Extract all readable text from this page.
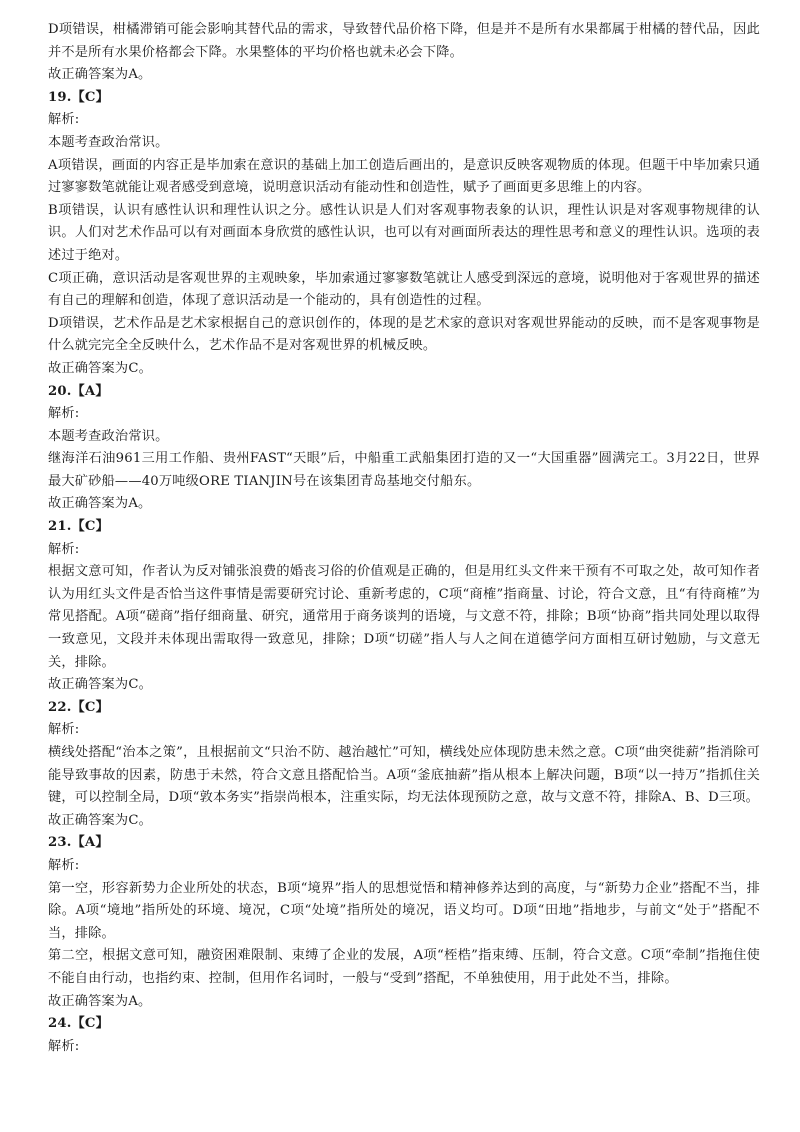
D项错误，柑橘滞销可能会影响其替代品的需求，导致替代品价格下降，但是并不是所有水果都属于柑橘的替代品，因此并不是所有水果价格都会下降。水果整体的平均价格也就未必会下降。

故正确答案为A。

19.【C】

解析:

本题考查政治常识。

A项错误，画面的内容正是毕加索在意识的基础上加工创造后画出的，是意识反映客观物质的体现。但题干中毕加索只通过寥寥数笔就能让观者感受到意境，说明意识活动有能动性和创造性，赋予了画面更多思维上的内容。

B项错误，认识有感性认识和理性认识之分。感性认识是人们对客观事物表象的认识，理性认识是对客观事物规律的认识。人们对艺术作品可以有对画面本身欣赏的感性认识，也可以有对画面所表达的理性思考和意义的理性认识。选项的表述过于绝对。

C项正确，意识活动是客观世界的主观映象，毕加索通过寥寥数笔就让人感受到深远的意境，说明他对于客观世界的描述有自己的理解和创造，体现了意识活动是一个能动的，具有创造性的过程。

D项错误，艺术作品是艺术家根据自己的意识创作的，体现的是艺术家的意识对客观世界能动的反映，而不是客观事物是什么就完完全全反映什么，艺术作品不是对客观世界的机械反映。

故正确答案为C。

20.【A】

解析:

本题考查政治常识。

继海洋石油961三用工作船、贵州FAST“天眼”后，中船重工武船集团打造的又一“大国重器”圆满完工。3月22日，世界最大矿砂船——40万吨级ORE TIANJIN号在该集团青岛基地交付船东。

故正确答案为A。

21.【C】

解析:

根据文意可知，作者认为反对铺张浪费的婚丧习俗的价值观是正确的，但是用红头文件来干预有不可取之处，故可知作者认为用红头文件是否恰当这件事情是需要研究讨论、重新考虑的，C项“商榷”指商量、讨论，符合文意，且“有待商榷”为常见搭配。A项“磋商”指仔细商量、研究，通常用于商务谈判的语境，与文意不符，排除；B项“协商”指共同处理以取得一致意见，文段并未体现出需取得一致意见，排除；D项“切磋”指人与人之间在道德学问方面相互研讨勉励，与文意无关，排除。

故正确答案为C。

22.【C】

解析:

横线处搭配“治本之策”，且根据前文“只治不防、越治越忙”可知，横线处应体现防患未然之意。C项“曲突徙薪”指消除可能导致事故的因素，防患于未然，符合文意且搭配恰当。A项“釜底抽薪”指从根本上解决问题，B项“以一持万”指抓住关键，可以控制全局，D项“敦本务实”指崇尚根本，注重实际，均无法体现预防之意，故与文意不符，排除A、B、D三项。

故正确答案为C。

23.【A】

解析:

第一空，形容新势力企业所处的状态，B项“境界”指人的思想觉悟和精神修养达到的高度，与“新势力企业”搭配不当，排除。A项“境地”指所处的环境、境况，C项“处境”指所处的境况，语义均可。D项“田地”指地步，与前文“处于”搭配不当，排除。

第二空，根据文意可知，融资困难限制、束缚了企业的发展，A项“桎梏”指束缚、压制，符合文意。C项“牵制”指拖住使不能自由行动，也指约束、控制，但用作名词时，一般与“受到”搭配，不单独使用，用于此处不当，排除。

故正确答案为A。

24.【C】

解析:
